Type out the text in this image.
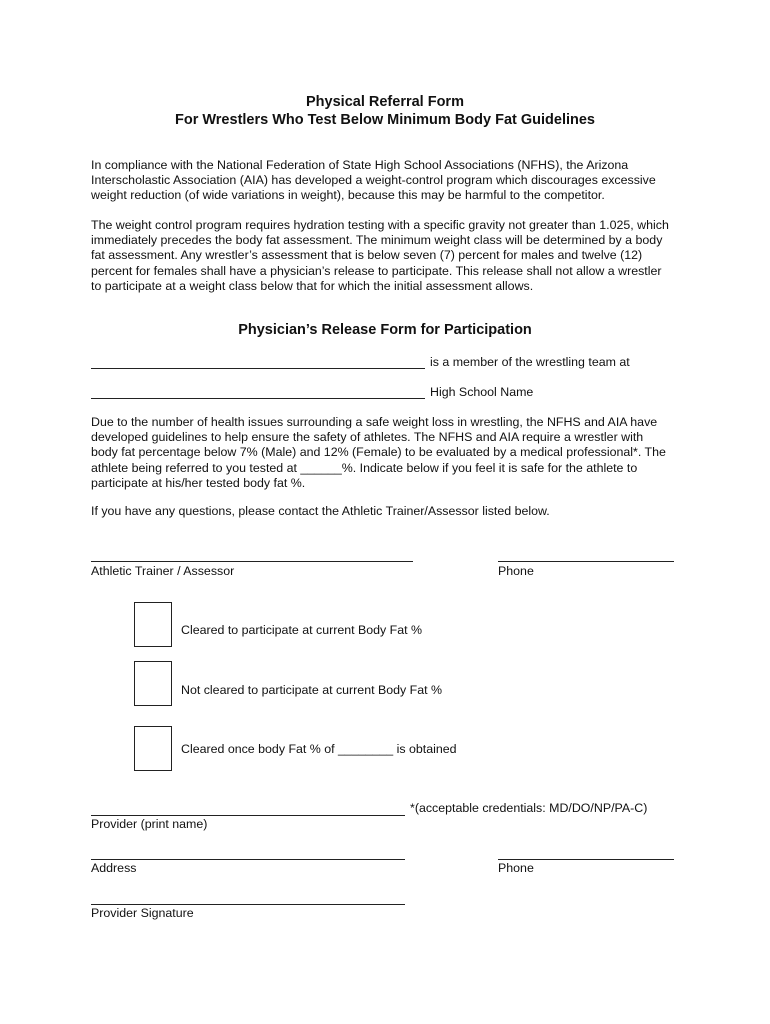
Physical Referral Form
For Wrestlers Who Test Below Minimum Body Fat Guidelines
In compliance with the National Federation of State High School Associations (NFHS), the Arizona
Interscholastic Association (AIA) has developed a weight-control program which discourages excessive
weight reduction (of wide variations in weight), because this may be harmful to the competitor.
The weight control program requires hydration testing with a specific gravity not greater than 1.025, which
immediately precedes the body fat assessment. The minimum weight class will be determined by a body
fat assessment. Any wrestler’s assessment that is below seven (7) percent for males and twelve (12)
percent for females shall have a physician’s release to participate. This release shall not allow a wrestler
to participate at a weight class below that for which the initial assessment allows.
Physician’s Release Form for Participation
is a member of the wrestling team at
High School Name
Due to the number of health issues surrounding a safe weight loss in wrestling, the NFHS and AIA have
developed guidelines to help ensure the safety of athletes. The NFHS and AIA require a wrestler with
body fat percentage below 7% (Male) and 12% (Female) to be evaluated by a medical professional*. The
athlete being referred to you tested at ______%. Indicate below if you feel it is safe for the athlete to
participate at his/her tested body fat %.
If you have any questions, please contact the Athletic Trainer/Assessor listed below.
Athletic Trainer / Assessor	Phone
Cleared to participate at current Body Fat %
Not cleared to participate at current Body Fat %
Cleared once body Fat % of ________ is obtained
*(acceptable credentials: MD/DO/NP/PA-C)
Provider (print name)
Address	Phone
Provider Signature
